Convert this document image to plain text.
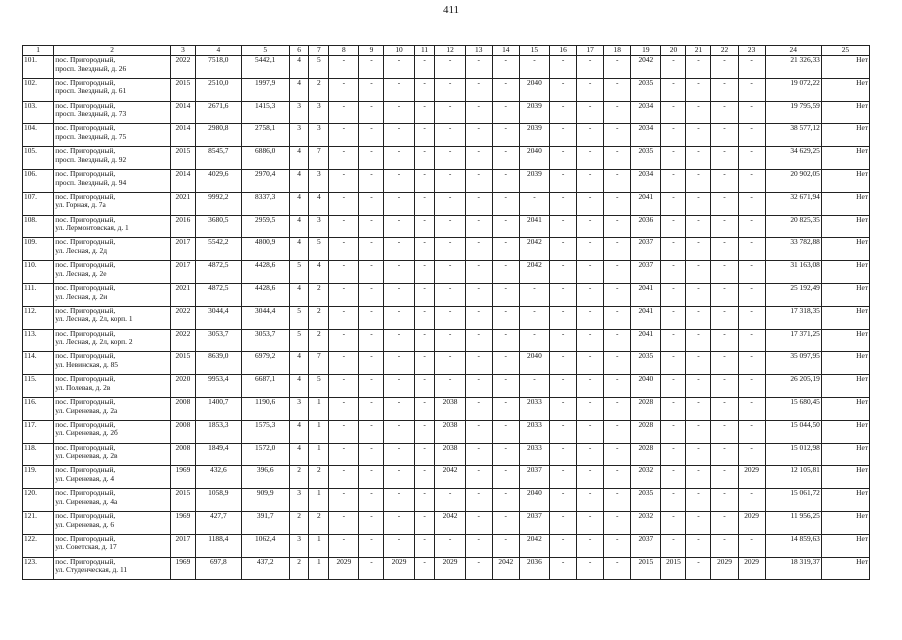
411
1	2	3	4	5	6	7	8	9	10	11	12	13	14	15	16	17	18	19	20	21	22	23	24	25
101.	пос. Пригородный,
просп. Звездный, д. 26	2022	7518,0	5442,1	4	5	-	-	-	-	-	-	-	-	-	-	-	2042	-	-	-	-	21 326,33	Нет
102.	пос. Пригородный,
просп. Звездный, д. 61	2015	2510,0	1997,9	4	2	-	-	-	-	-	-	-	2040	-	-	-	2035	-	-	-	-	19 072,22	Нет
103.	пос. Пригородный,
просп. Звездный, д. 73	2014	2671,6	1415,3	3	3	-	-	-	-	-	-	-	2039	-	-	-	2034	-	-	-	-	19 795,59	Нет
104.	пос. Пригородный,
просп. Звездный, д. 75	2014	2980,8	2758,1	3	3	-	-	-	-	-	-	-	2039	-	-	-	2034	-	-	-	-	38 577,12	Нет
105.	пос. Пригородный,
просп. Звездный, д. 92	2015	8545,7	6886,0	4	7	-	-	-	-	-	-	-	2040	-	-	-	2035	-	-	-	-	34 629,25	Нет
106.	пос. Пригородный,
просп. Звездный, д. 94	2014	4029,6	2970,4	4	3	-	-	-	-	-	-	-	2039	-	-	-	2034	-	-	-	-	20 902,05	Нет
107.	пос. Пригородный,
ул. Горная, д. 7а	2021	9992,2	8337,3	4	4	-	-	-	-	-	-	-	-	-	-	-	2041	-	-	-	-	32 671,94	Нет
108.	пос. Пригородный,
ул. Лермонтовская, д. 1	2016	3680,5	2959,5	4	3	-	-	-	-	-	-	-	2041	-	-	-	2036	-	-	-	-	20 825,35	Нет
109.	пос. Пригородный,
ул. Лесная, д. 2д	2017	5542,2	4800,9	4	5	-	-	-	-	-	-	-	2042	-	-	-	2037	-	-	-	-	33 782,88	Нет
110.	пос. Пригородный,
ул. Лесная, д. 2е	2017	4872,5	4428,6	5	4	-	-	-	-	-	-	-	2042	-	-	-	2037	-	-	-	-	31 163,08	Нет
111.	пос. Пригородный,
ул. Лесная, д. 2и	2021	4872,5	4428,6	4	2	-	-	-	-	-	-	-	-	-	-	-	2041	-	-	-	-	25 192,49	Нет
112.	пос. Пригородный,
ул. Лесная, д. 2л, корп. 1	2022	3044,4	3044,4	5	2	-	-	-	-	-	-	-	-	-	-	-	2041	-	-	-	-	17 318,35	Нет
113.	пос. Пригородный,
ул. Лесная, д. 2л, корп. 2	2022	3053,7	3053,7	5	2	-	-	-	-	-	-	-	-	-	-	-	2041	-	-	-	-	17 371,25	Нет
114.	пос. Пригородный,
ул. Невинская, д. 85	2015	8639,0	6979,2	4	7	-	-	-	-	-	-	-	2040	-	-	-	2035	-	-	-	-	35 097,95	Нет
115.	пос. Пригородный,
ул. Полевая, д. 2в	2020	9953,4	6687,1	4	5	-	-	-	-	-	-	-	-	-	-	-	2040	-	-	-	-	26 205,19	Нет
116.	пос. Пригородный,
ул. Сиреневая, д. 2а	2008	1400,7	1190,6	3	1	-	-	-	-	2038	-	-	2033	-	-	-	2028	-	-	-	-	15 680,45	Нет
117.	пос. Пригородный,
ул. Сиреневая, д. 2б	2008	1853,3	1575,3	4	1	-	-	-	-	2038	-	-	2033	-	-	-	2028	-	-	-	-	15 044,50	Нет
118.	пос. Пригородный,
ул. Сиреневая, д. 2в	2008	1849,4	1572,0	4	1	-	-	-	-	2038	-	-	2033	-	-	-	2028	-	-	-	-	15 012,98	Нет
119.	пос. Пригородный,
ул. Сиреневая, д. 4	1969	432,6	396,6	2	2	-	-	-	-	2042	-	-	2037	-	-	-	2032	-	-	-	2029	12 105,81	Нет
120.	пос. Пригородный,
ул. Сиреневая, д. 4а	2015	1058,9	909,9	3	1	-	-	-	-	-	-	-	2040	-	-	-	2035	-	-	-	-	15 061,72	Нет
121.	пос. Пригородный,
ул. Сиреневая, д. 6	1969	427,7	391,7	2	2	-	-	-	-	2042	-	-	2037	-	-	-	2032	-	-	-	2029	11 956,25	Нет
122.	пос. Пригородный,
ул. Советская, д. 17	2017	1188,4	1062,4	3	1	-	-	-	-	-	-	-	2042	-	-	-	2037	-	-	-	-	14 859,63	Нет
123.	пос. Пригородный,
ул. Студенческая, д. 11	1969	697,8	437,2	2	1	2029	-	2029	-	2029	-	2042	2036	-	-	-	2015	2015	-	2029	2029	18 319,37	Нет
